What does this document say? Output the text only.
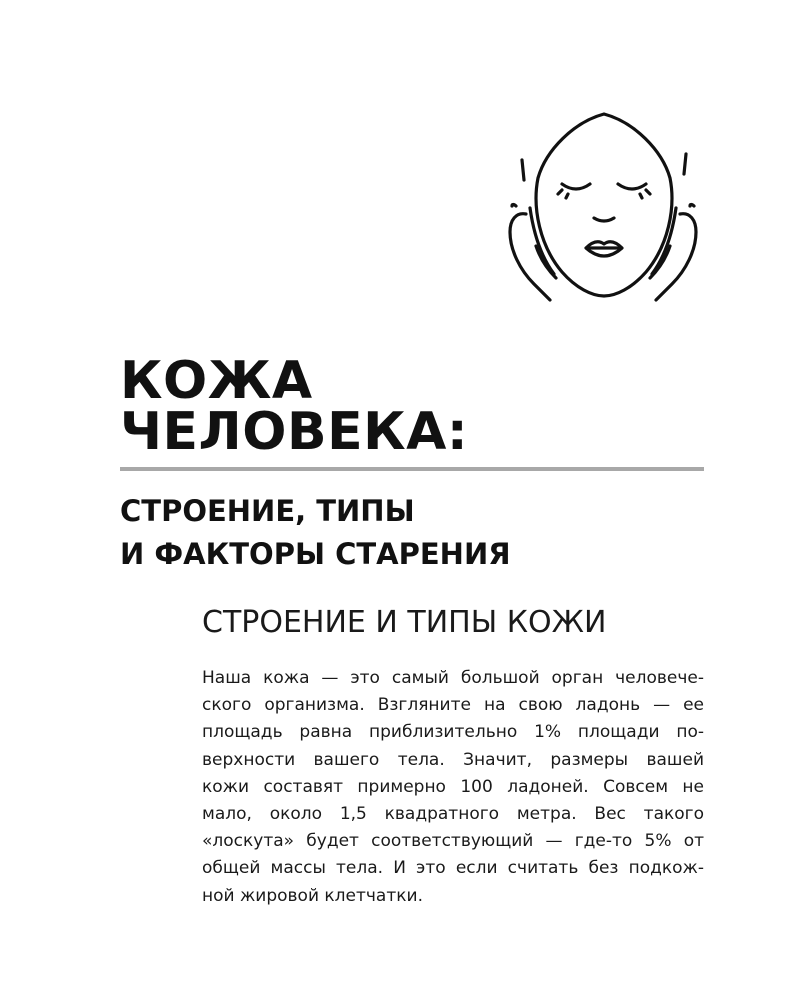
КОЖА
ЧЕЛОВЕКА:
СТРОЕНИЕ, ТИПЫ
И ФАКТОРЫ СТАРЕНИЯ
СТРОЕНИЕ И ТИПЫ КОЖИ
Наша кожа — это самый большой орган человече-
ского организма. Взгляните на свою ладонь — ее
площадь равна приблизительно 1% площади по-
верхности вашего тела. Значит, размеры вашей
кожи составят примерно 100 ладоней. Совсем не
мало, около 1,5 квадратного метра. Вес такого
«лоскута» будет соответствующий — где-то 5% от
общей массы тела. И это если считать без подкож-
ной жировой клетчатки.
